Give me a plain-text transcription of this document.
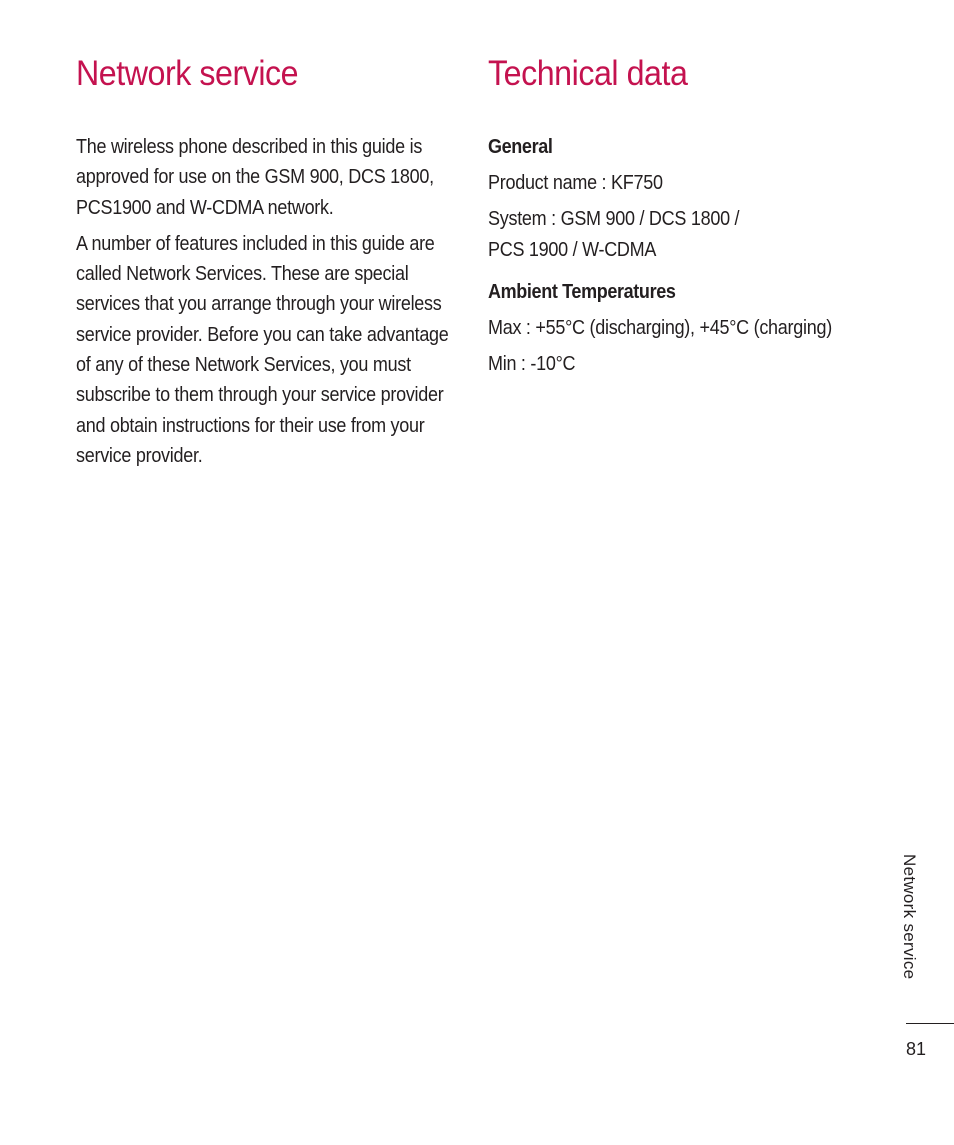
Network service

The wireless phone described in this guide is approved for use on the GSM 900, DCS 1800, PCS1900 and W-CDMA network.

A number of features included in this guide are called Network Services. These are special services that you arrange through your wireless service provider. Before you can take advantage of any of these Network Services, you must subscribe to them through your service provider and obtain instructions for their use from your service provider.

Technical data

General

Product name : KF750

System : GSM 900 / DCS 1800 /
PCS 1900 / W-CDMA

Ambient Temperatures

Max : +55°C (discharging), +45°C (charging)

Min : -10°C

Network service
81
